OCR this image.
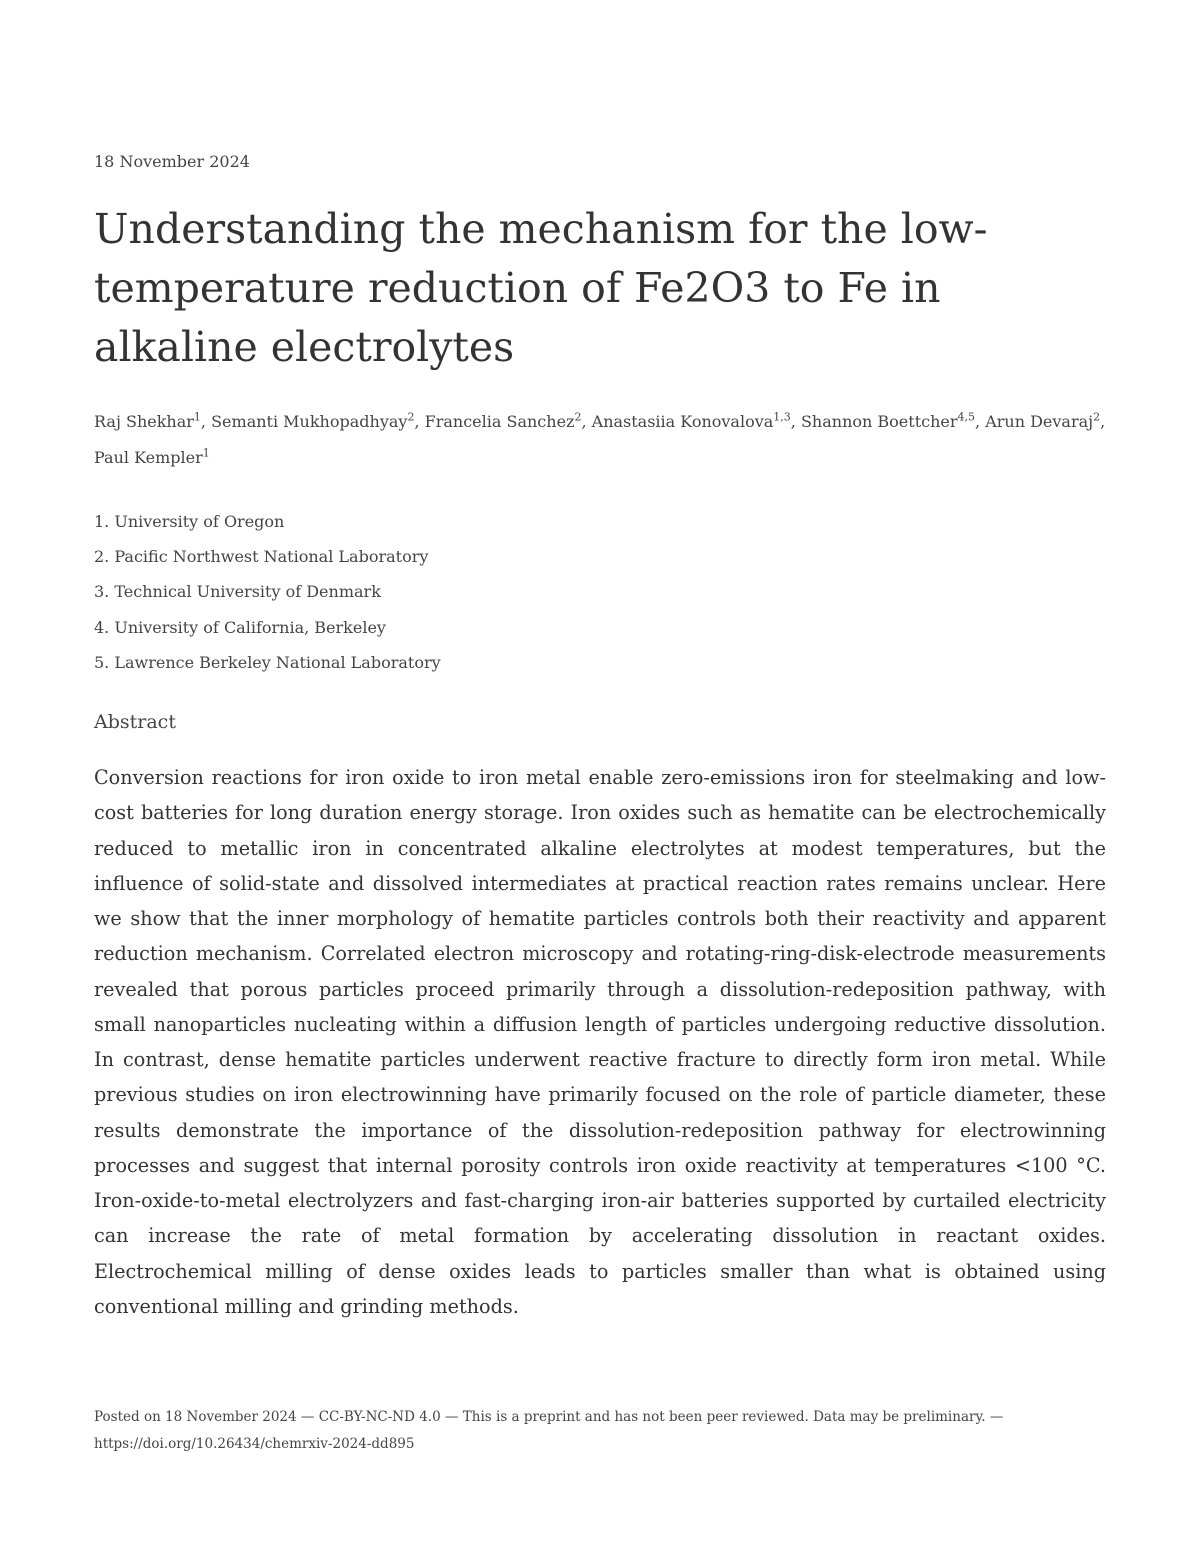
18 November 2024
Understanding the mechanism for the low-temperature reduction of Fe2O3 to Fe in alkaline electrolytes
Raj Shekhar$^1$, Semanti Mukhopadhyay$^2$, Francelia Sanchez$^2$, Anastasiia Konovalova$^{1,3}$, Shannon Boettcher$^{4,5}$, Arun Devaraj$^2$, Paul Kempler$^1$
1. University of Oregon
2. Pacific Northwest National Laboratory
3. Technical University of Denmark
4. University of California, Berkeley
5. Lawrence Berkeley National Laboratory
Abstract

Conversion reactions for iron oxide to iron metal enable zero-emissions iron for steelmaking and low-cost batteries for long duration energy storage. Iron oxides such as hematite can be electrochemically reduced to metallic iron in concentrated alkaline electrolytes at modest temperatures, but the influence of solid-state and dissolved intermediates at practical reaction rates remains unclear. Here we show that the inner morphology of hematite particles controls both their reactivity and apparent reduction mechanism. Correlated electron microscopy and rotating-ring-disk-electrode measurements revealed that porous particles proceed primarily through a dissolution-redeposition pathway, with small nanoparticles nucleating within a diffusion length of particles undergoing reductive dissolution. In contrast, dense hematite particles underwent reactive fracture to directly form iron metal. While previous studies on iron electrowinning have primarily focused on the role of particle diameter, these results demonstrate the importance of the dissolution-redeposition pathway for electrowinning processes and suggest that internal porosity controls iron oxide reactivity at temperatures <100 °C. Iron-oxide-to-metal electrolyzers and fast-charging iron-air batteries supported by curtailed electricity can increase the rate of metal formation by accelerating dissolution in reactant oxides. Electrochemical milling of dense oxides leads to particles smaller than what is obtained using conventional milling and grinding methods.

Posted on 18 November 2024 — CC-BY-NC-ND 4.0 — This is a preprint and has not been peer reviewed. Data may be preliminary. — https://doi.org/10.26434/chemrxiv-2024-dd895
